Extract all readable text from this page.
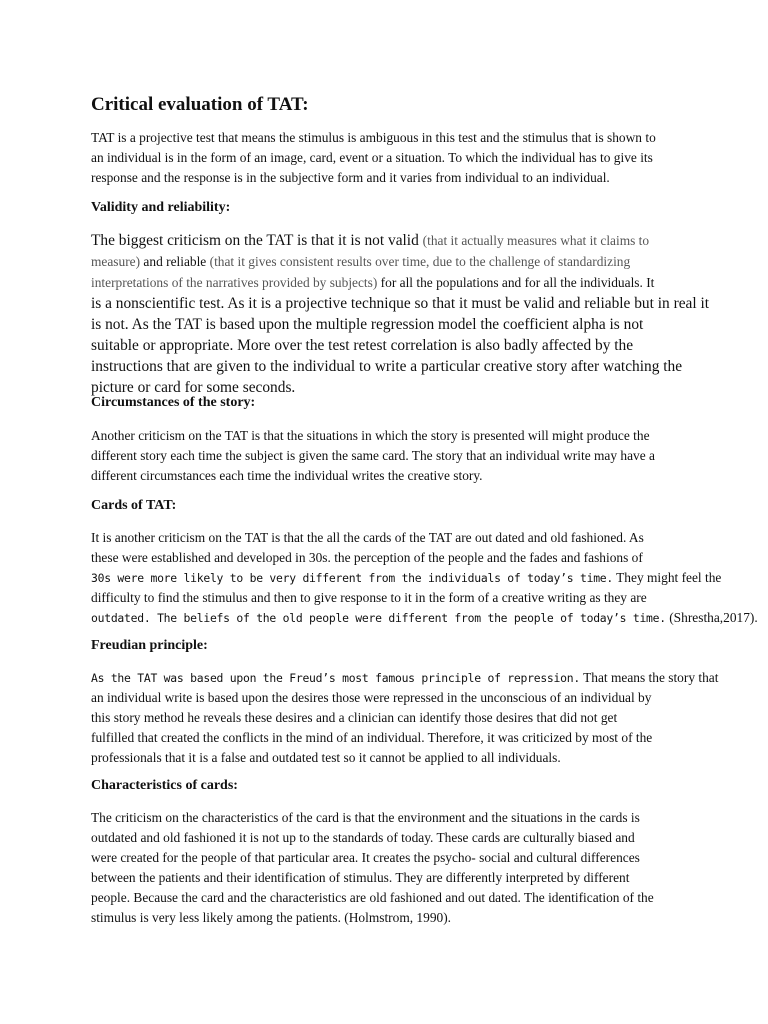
Critical evaluation of TAT:
TAT is a projective test that means the stimulus is ambiguous in this test and the stimulus that is shown to
an individual is in the form of an image, card, event or a situation. To which the individual has to give its
response and the response is in the subjective form and it varies from individual to an individual.
Validity and reliability:
The biggest criticism on the TAT is that it is not valid (that it actually measures what it claims to
measure) and reliable (that it gives consistent results over time, due to the challenge of standardizing
interpretations of the narratives provided by subjects) for all the populations and for all the individuals. It
is a nonscientific test. As it is a projective technique so that it must be valid and reliable but in real it
is not. As the TAT is based upon the multiple regression model the coefficient alpha is not
suitable or appropriate. More over the test retest correlation is also badly affected by the
instructions that are given to the individual to write a particular creative story after watching the
picture or card for some seconds.
Circumstances of the story:
Another criticism on the TAT is that the situations in which the story is presented will might produce the
different story each time the subject is given the same card. The story that an individual write may have a
different circumstances each time the individual writes the creative story.
Cards of TAT:
It is another criticism on the TAT is that the all the cards of the TAT are out dated and old fashioned. As
these were established and developed in 30s. the perception of the people and the fades and fashions of
30s were more likely to be very different from the individuals of today’s time. They might feel the
difficulty to find the stimulus and then to give response to it in the form of a creative writing as they are
outdated. The beliefs of the old people were different from the people of today’s time. (Shrestha,2017).
Freudian principle:
As the TAT was based upon the Freud’s most famous principle of repression. That means the story that
an individual write is based upon the desires those were repressed in the unconscious of an individual by
this story method he reveals these desires and a clinician can identify those desires that did not get
fulfilled that created the conflicts in the mind of an individual. Therefore, it was criticized by most of the
professionals that it is a false and outdated test so it cannot be applied to all individuals.
Characteristics of cards:
The criticism on the characteristics of the card is that the environment and the situations in the cards is
outdated and old fashioned it is not up to the standards of today. These cards are culturally biased and
were created for the people of that particular area. It creates the psycho- social and cultural differences
between the patients and their identification of stimulus. They are differently interpreted by different
people. Because the card and the characteristics are old fashioned and out dated. The identification of the
stimulus is very less likely among the patients. (Holmstrom, 1990).
